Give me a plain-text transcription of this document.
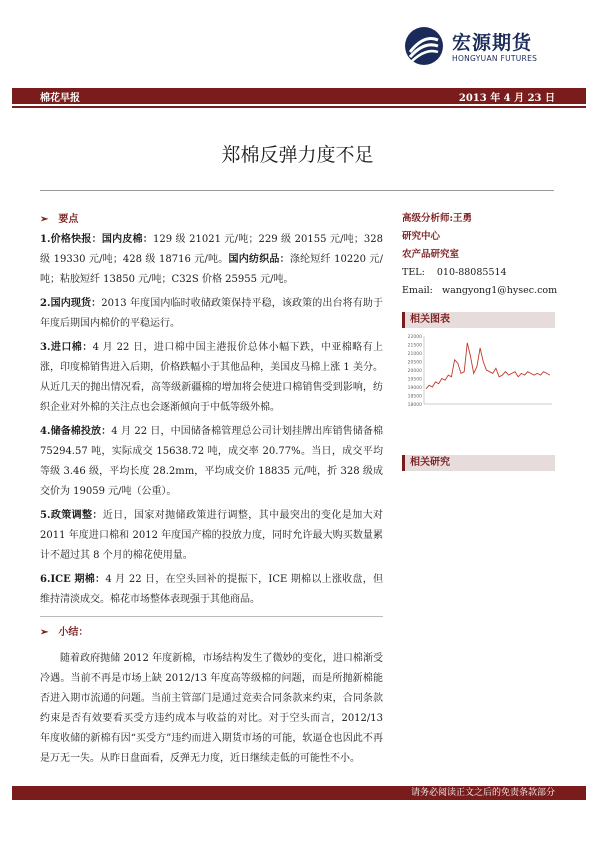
宏源期货
HONGYUAN FUTURES
棉花早报	2013 年 4 月 23 日
郑棉反弹力度不足
➢ 要点

1.价格快报：国内皮棉：129 级 21021 元/吨；229 级 20155 元/吨；328 级 19330 元/吨；428 级 18716 元/吨。国内纺织品：涤纶短纤 10220 元/吨；粘胶短纤 13850 元/吨；C32S 价格 25955 元/吨。

2.国内现货：2013 年度国内临时收储政策保持平稳，该政策的出台将有助于年度后期国内棉价的平稳运行。

3.进口棉：4 月 22 日，进口棉中国主港报价总体小幅下跌，中亚棉略有上涨，印度棉销售进入后期，价格跌幅小于其他品种，美国皮马棉上涨 1 美分。从近几天的抛出情况看，高等级新疆棉的增加将会使进口棉销售受到影响，纺织企业对外棉的关注点也会逐渐倾向于中低等级外棉。

4.储备棉投放：4 月 22 日，中国储备棉管理总公司计划挂牌出库销售储备棉 75294.57 吨，实际成交 15638.72 吨，成交率 20.77%。当日，成交平均等级 3.46 级，平均长度 28.2mm，平均成交价 18835 元/吨，折 328 级成交价为 19059 元/吨（公重）。

5.政策调整：近日，国家对抛储政策进行调整，其中最突出的变化是加大对 2011 年度进口棉和 2012 年度国产棉的投放力度，同时允许最大购买数量累计不超过其 8 个月的棉花使用量。

6.ICE 期棉：4 月 22 日，在空头回补的提振下，ICE 期棉以上涨收盘，但维持清淡成交。棉花市场整体表现强于其他商品。

➢ 小结：

随着政府抛储 2012 年度新棉，市场结构发生了微妙的变化，进口棉渐受冷遇。当前不再是市场上缺 2012/13 年度高等级棉的问题，而是所抛新棉能否进入期市流通的问题。当前主管部门是通过竞卖合同条款来约束，合同条款约束是否有效要看买受方违约成本与收益的对比。对于空头而言，2012/13 年度收储的新棉有因“买受方”违约而进入期货市场的可能，软逼仓也因此不再是万无一失。从昨日盘面看，反弹无力度，近日继续走低的可能性不小。

高级分析师:王勇
研究中心
农产品研究室
TEL: 010-88085514
Email: wangyong1@hysec.com
相关图表
22000
21500
21000
20500
20000
19500
19000
18500
18000
相关研究
请务必阅读正文之后的免责条款部分
